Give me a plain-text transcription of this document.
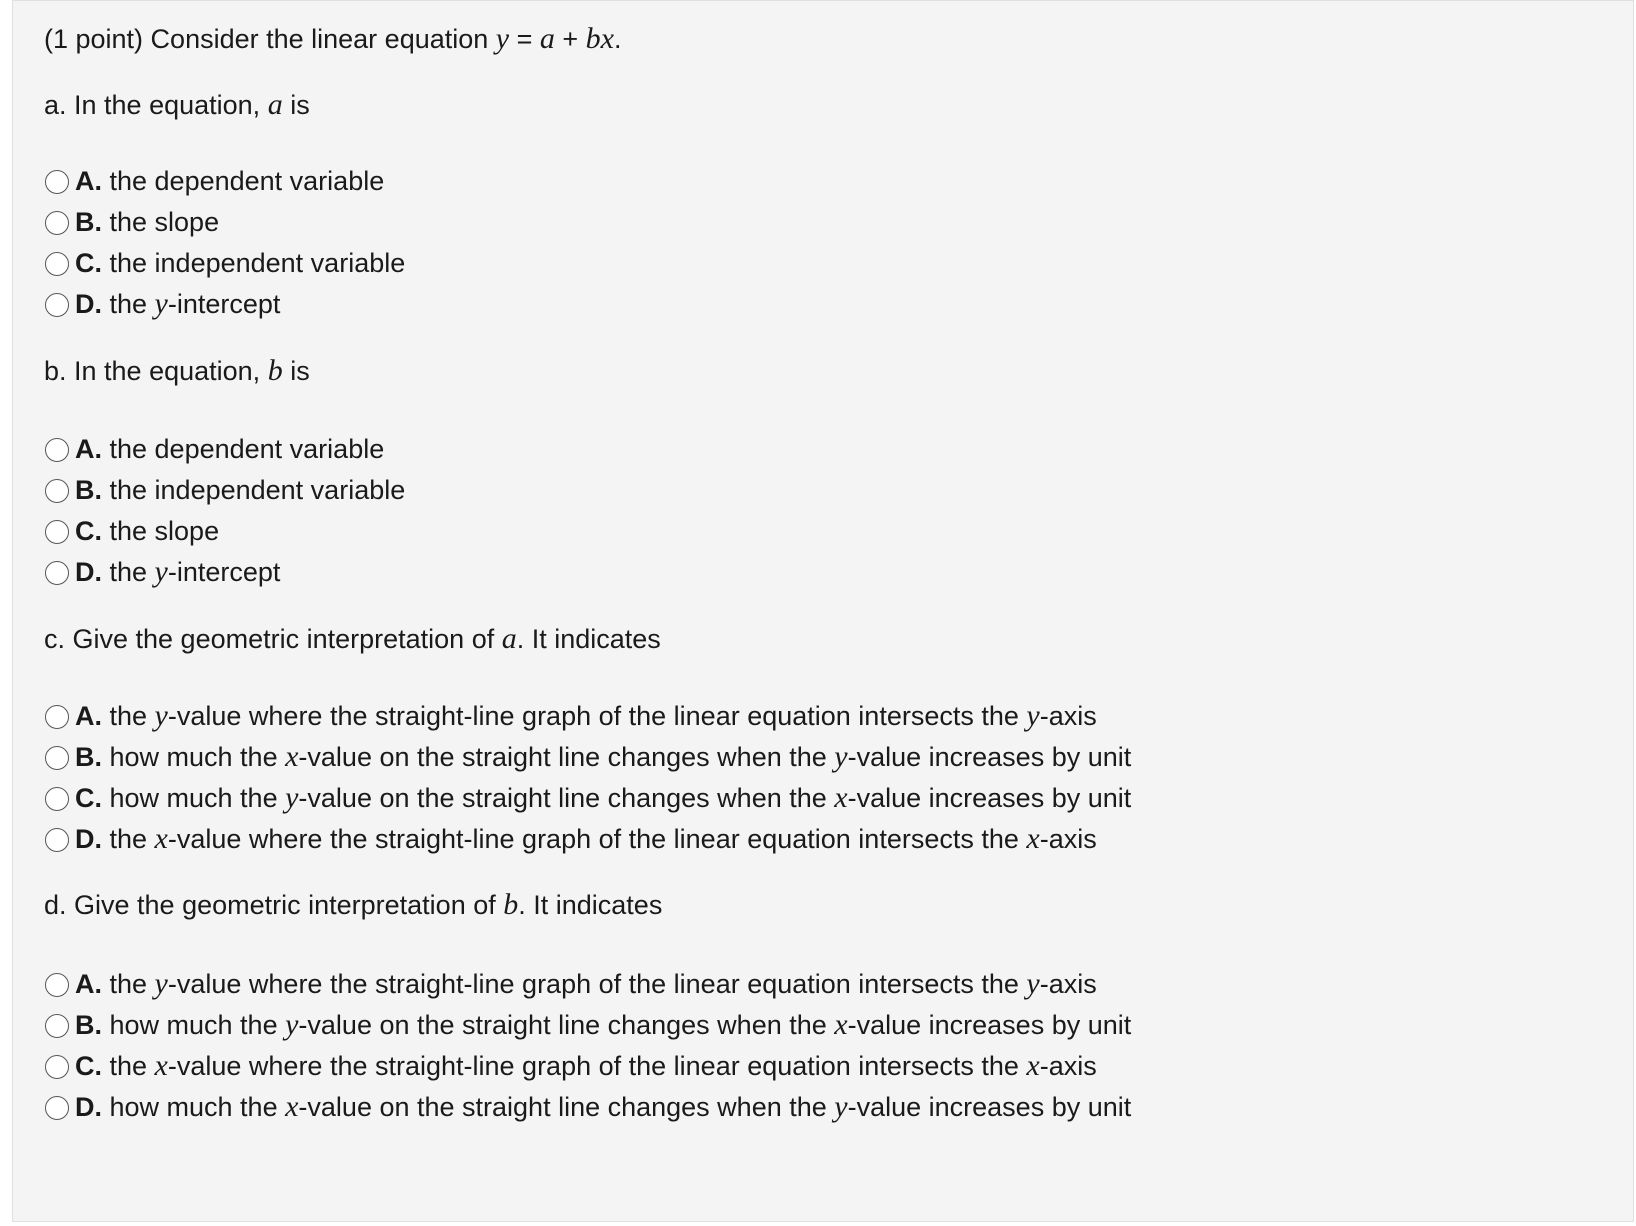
(1 point) Consider the linear equation y = a + bx.
a. In the equation, a is
A. the dependent variable
B. the slope
C. the independent variable
D. the y-intercept
b. In the equation, b is
A. the dependent variable
B. the independent variable
C. the slope
D. the y-intercept
c. Give the geometric interpretation of a. It indicates
A. the y-value where the straight-line graph of the linear equation intersects the y-axis
B. how much the x-value on the straight line changes when the y-value increases by unit
C. how much the y-value on the straight line changes when the x-value increases by unit
D. the x-value where the straight-line graph of the linear equation intersects the x-axis
d. Give the geometric interpretation of b. It indicates
A. the y-value where the straight-line graph of the linear equation intersects the y-axis
B. how much the y-value on the straight line changes when the x-value increases by unit
C. the x-value where the straight-line graph of the linear equation intersects the x-axis
D. how much the x-value on the straight line changes when the y-value increases by unit
